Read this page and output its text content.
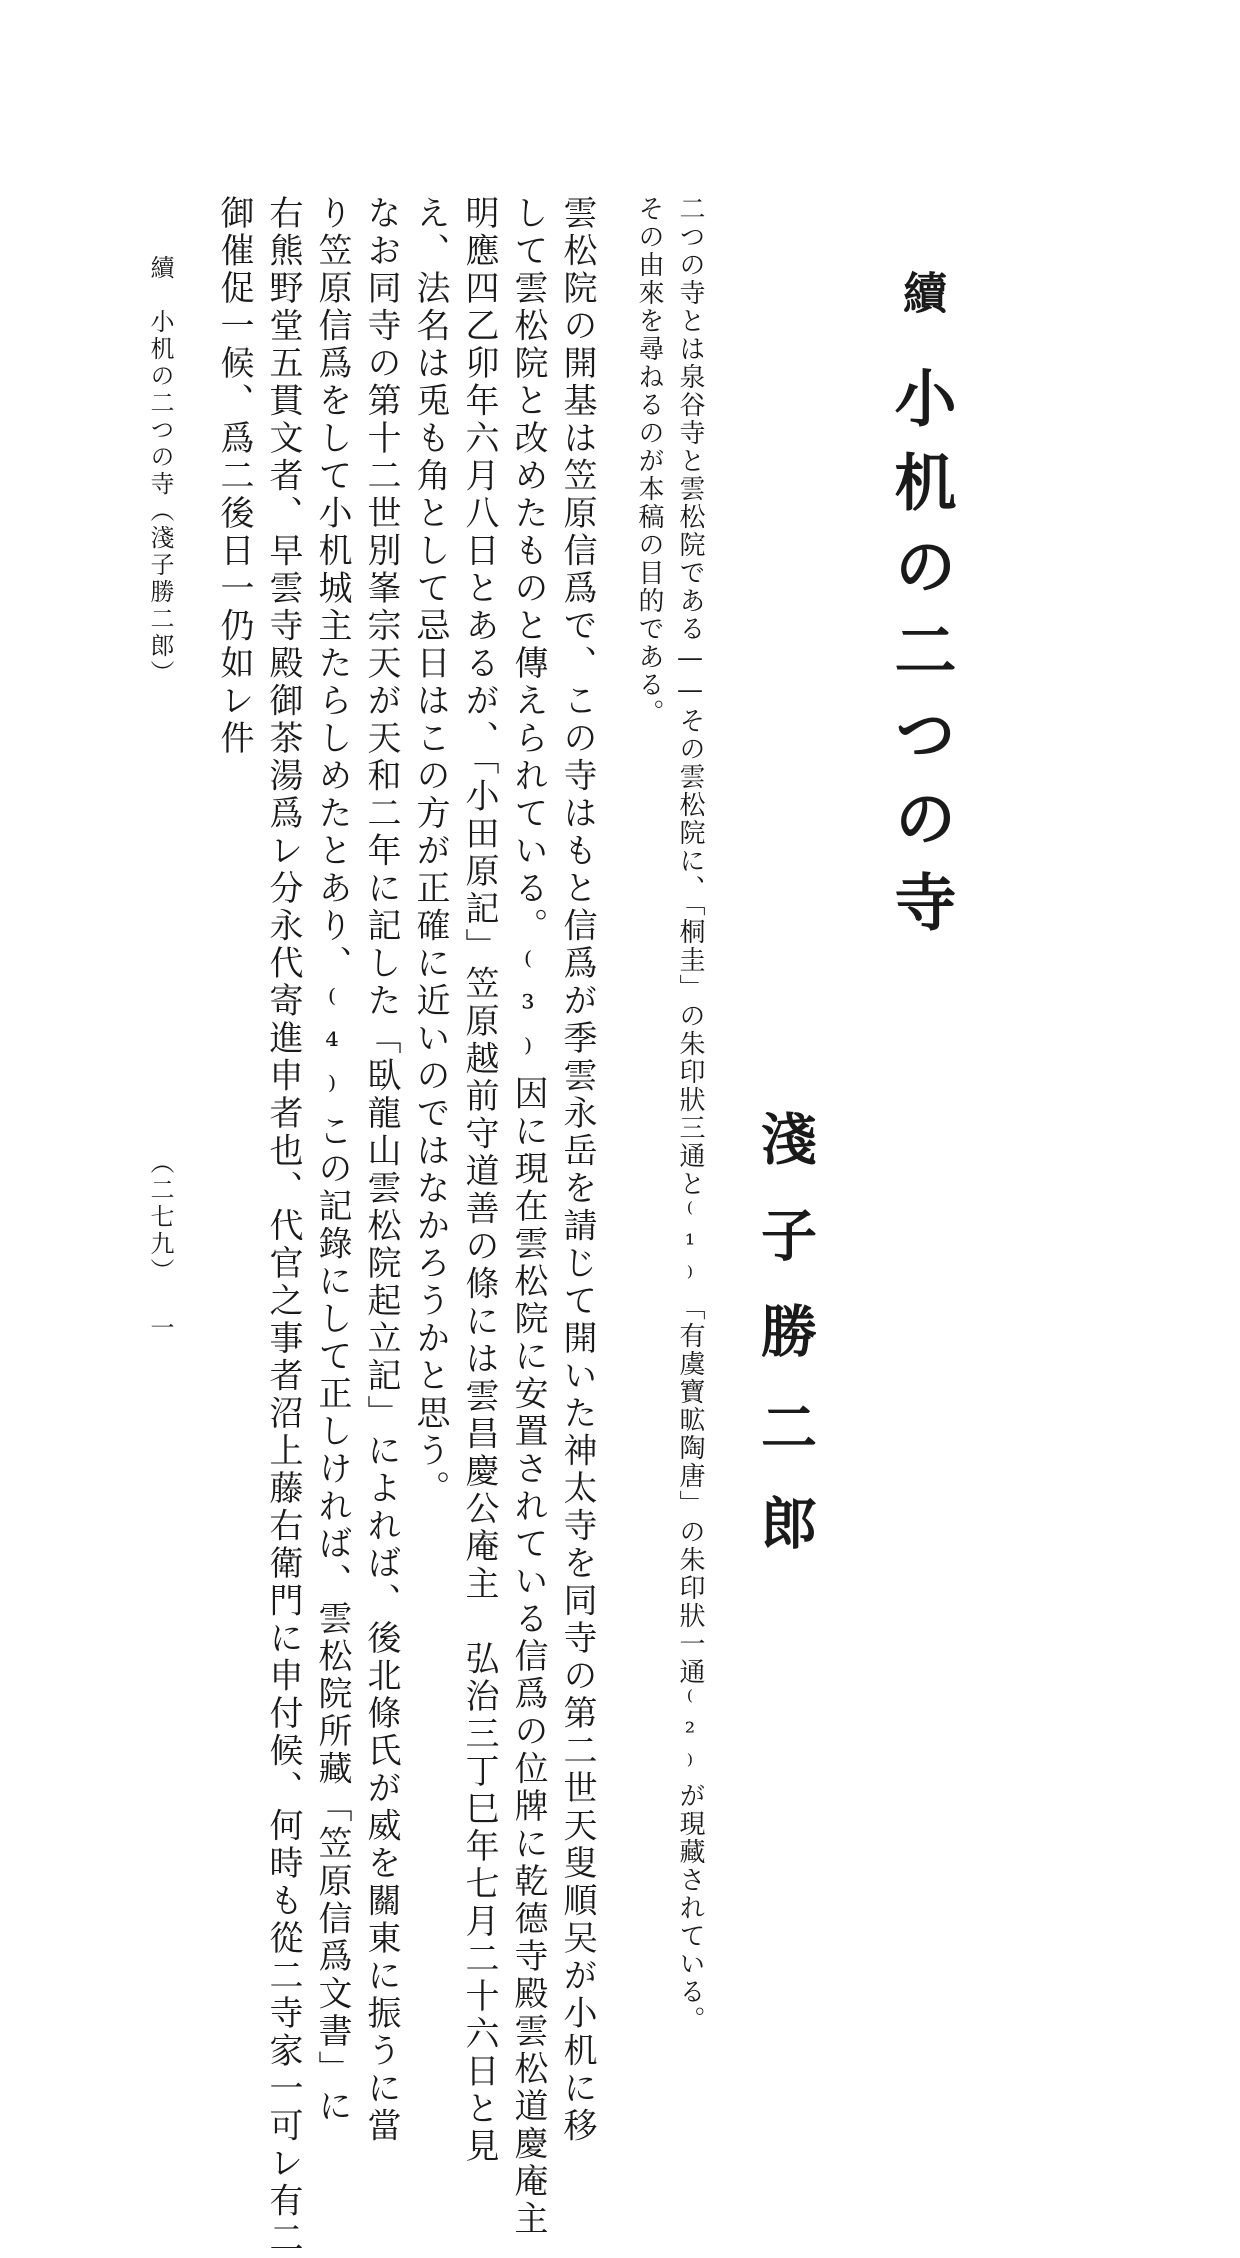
續小机の二つの寺
淺子勝二郎

二つの寺とは泉谷寺と雲松院である——その雲松院に、「桐圭」の朱印狀三通と⁽¹⁾「有虞寶昿陶唐」の朱印狀一通⁽²⁾が現藏されている。

その由來を尋ねるのが本稿の目的である。

雲松院の開基は笠原信爲で、この寺はもと信爲が季雲永岳を請じて開いた神太寺を同寺の第二世天叟順㕦が小机に移

して雲松院と改めたものと傳えられている。⁽³⁾因に現在雲松院に安置されている信爲の位牌に乾德寺殿雲松道慶庵主

明應四乙卯年六月八日とあるが、「小田原記」笠原越前守道善の條には雲昌慶公庵主　弘治三丁巳年七月二十六日と見

え、法名は兎も角として忌日はこの方が正確に近いのではなかろうかと思う。

なお同寺の第十二世別峯宗天が天和二年に記した「臥龍山雲松院起立記」によれば、後北條氏が威を關東に振うに當

り笠原信爲をして小机城主たらしめたとあり、⁽⁴⁾この記錄にして正しければ、雲松院所藏「笠原信爲文書」に

右熊野堂五貫文者、早雲寺殿御茶湯爲レ分永代寄進申者也、代官之事者沼上藤右衛門に申付候、何時も從二寺家一可レ有二

御催促一候、爲二後日一仍如レ件

續　小机の二つの寺（淺子勝二郎）
（二七九）
一
